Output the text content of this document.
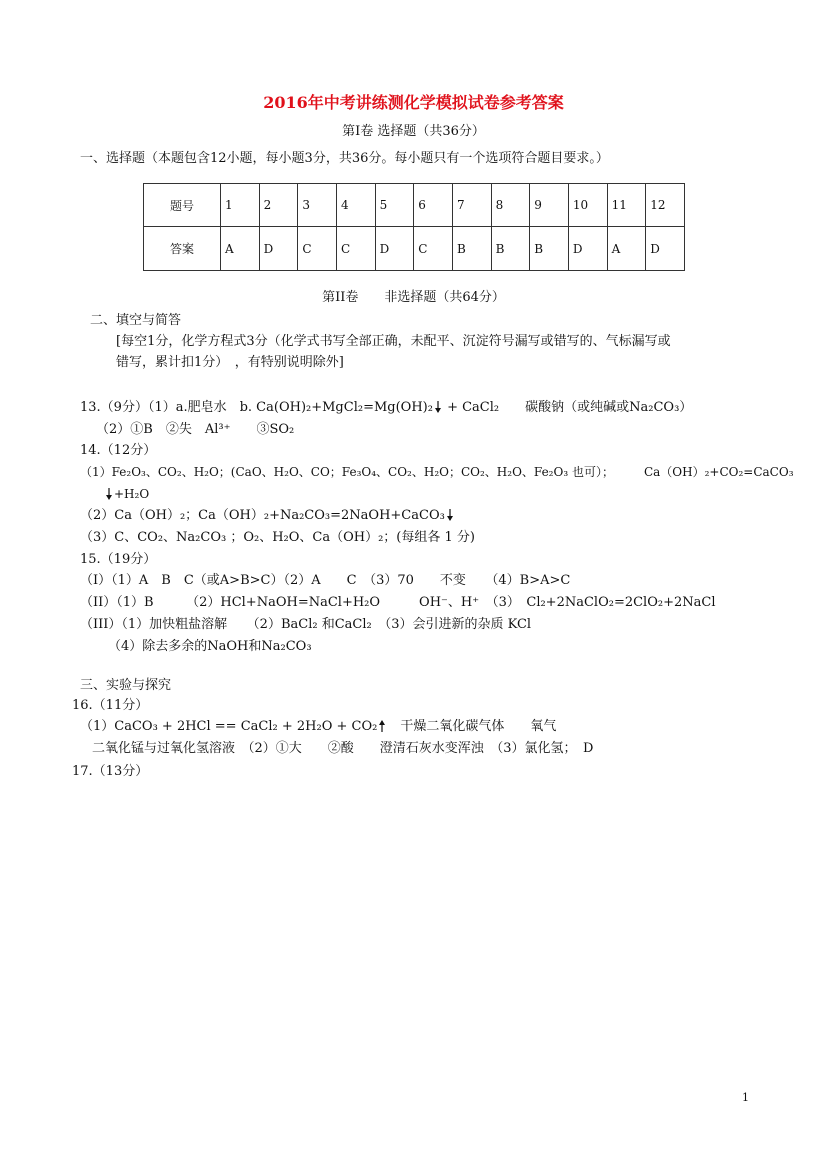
2016年中考讲练测化学模拟试卷参考答案
第Ⅰ卷 选择题（共36分）
一、选择题（本题包含12小题，每小题3分，共36分。每小题只有一个选项符合题目要求。）
题号	1	2	3	4	5	6	7	8	9	10	11	12
答案	A	D	C	C	D	C	B	B	B	D	A	D
第II卷　　非选择题（共64分）
二、填空与简答
[每空1分，化学方程式3分（化学式书写全部正确，未配平、沉淀符号漏写或错写的、气标漏写或
错写，累计扣1分）　，有特别说明除外]
13.（9分）（1）a.肥皂水　b. Ca(OH)₂+MgCl₂=Mg(OH)₂ + CaCl₂　　碳酸钠（或纯碱或Na₂CO₃）
（2）①B　②失　Al³⁺　　③SO₂
14.（12分）
（1）Fe₂O₃、CO₂、H₂O；(CaO、H₂O、CO；Fe₃O₄、CO₂、H₂O；CO₂、H₂O、Fe₂O₃ 也可）；　　　Ca（OH）₂+CO₂=CaCO₃
+H₂O
（2）Ca（OH）₂；Ca（OH）₂+Na₂CO₃=2NaOH+CaCO₃
（3）C、CO₂、Na₂CO₃ ；O₂、H₂O、Ca（OH）₂；(每组各 1 分)
15.（19分）
（I）（1）A　B　C（或A>B>C）（2）A　　C　（3）70　　不变　　（4）B>A>C
（II）（1）B　　　（2）HCl+NaOH=NaCl+H₂O　　　OH⁻、H⁺　（3）　Cl₂+2NaClO₂=2ClO₂+2NaCl
（III）（1）加快粗盐溶解　　（2）BaCl₂ 和CaCl₂　（3）会引进新的杂质 KCl
（4）除去多余的NaOH和Na₂CO₃
三、实验与探究
16.（11分）
（1）CaCO₃ + 2HCl == CaCl₂ + 2H₂O + CO₂　干燥二氧化碳气体　　氧气
二氧化锰与过氧化氢溶液　（2）①大　　②酸　　澄清石灰水变浑浊　（3）氯化氢；　D
17.（13分）
1
